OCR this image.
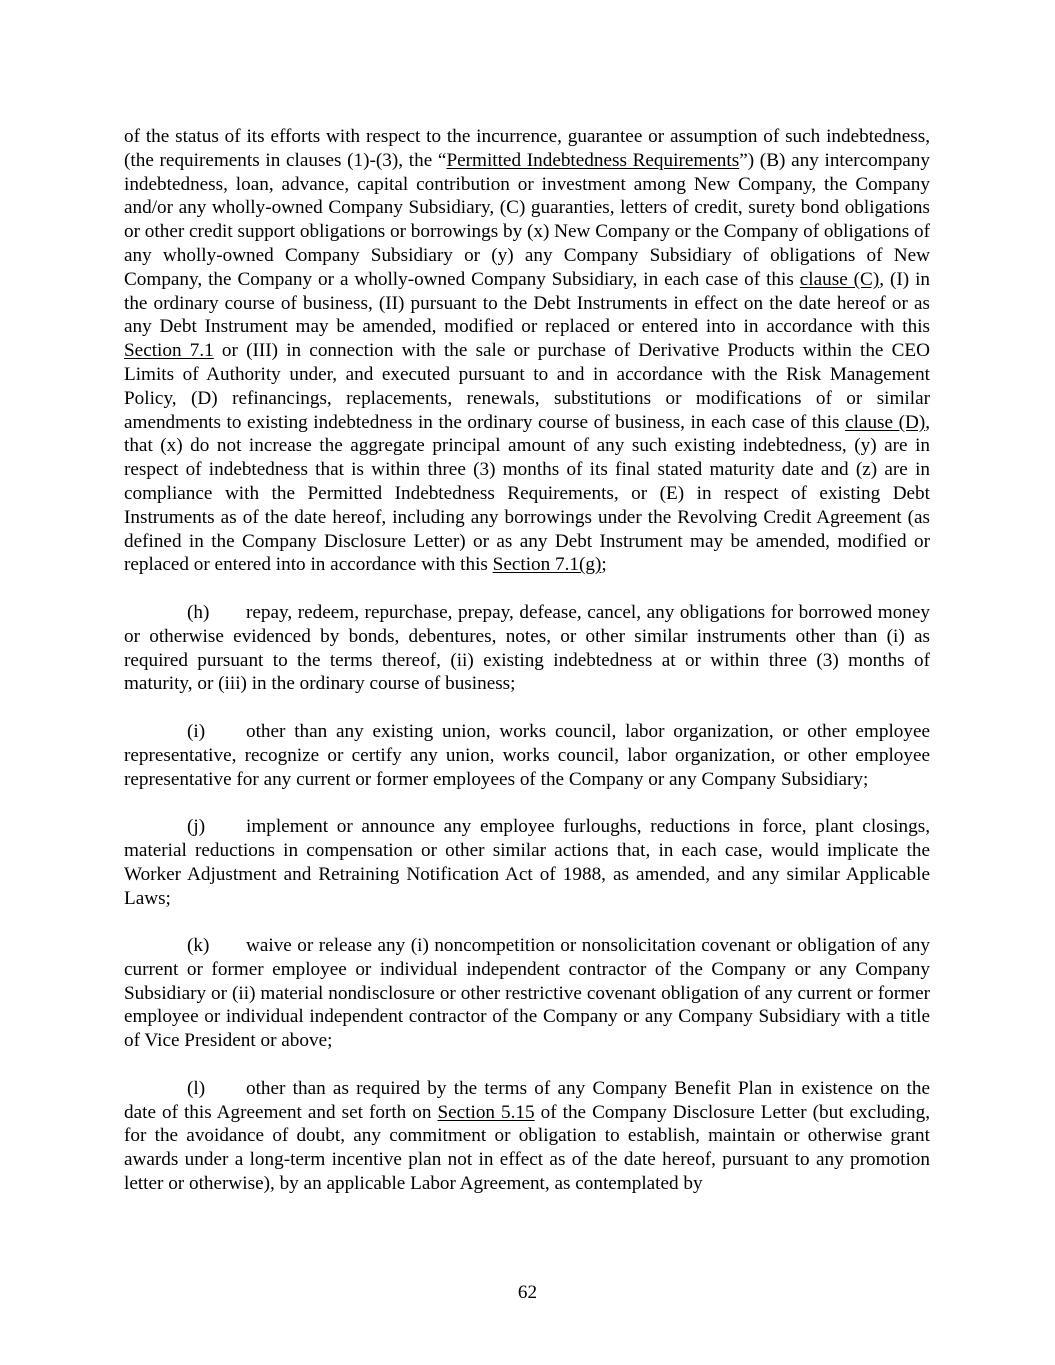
of the status of its efforts with respect to the incurrence, guarantee or assumption of such indebtedness, (the requirements in clauses (1)-(3), the “Permitted Indebtedness Requirements”) (B) any intercompany indebtedness, loan, advance, capital contribution or investment among New Company, the Company and/or any wholly-owned Company Subsidiary, (C) guaranties, letters of credit, surety bond obligations or other credit support obligations or borrowings by (x) New Company or the Company of obligations of any wholly-owned Company Subsidiary or (y) any Company Subsidiary of obligations of New Company, the Company or a wholly-owned Company Subsidiary, in each case of this clause (C), (I) in the ordinary course of business, (II) pursuant to the Debt Instruments in effect on the date hereof or as any Debt Instrument may be amended, modified or replaced or entered into in accordance with this Section 7.1 or (III) in connection with the sale or purchase of Derivative Products within the CEO Limits of Authority under, and executed pursuant to and in accordance with the Risk Management Policy, (D) refinancings, replacements, renewals, substitutions or modifications of or similar amendments to existing indebtedness in the ordinary course of business, in each case of this clause (D), that (x) do not increase the aggregate principal amount of any such existing indebtedness, (y) are in respect of indebtedness that is within three (3) months of its final stated maturity date and (z) are in compliance with the Permitted Indebtedness Requirements, or (E) in respect of existing Debt Instruments as of the date hereof, including any borrowings under the Revolving Credit Agreement (as defined in the Company Disclosure Letter) or as any Debt Instrument may be amended, modified or replaced or entered into in accordance with this Section 7.1(g);

(h) repay, redeem, repurchase, prepay, defease, cancel, any obligations for borrowed money or otherwise evidenced by bonds, debentures, notes, or other similar instruments other than (i) as required pursuant to the terms thereof, (ii) existing indebtedness at or within three (3) months of maturity, or (iii) in the ordinary course of business;

(i) other than any existing union, works council, labor organization, or other employee representative, recognize or certify any union, works council, labor organization, or other employee representative for any current or former employees of the Company or any Company Subsidiary;

(j) implement or announce any employee furloughs, reductions in force, plant closings, material reductions in compensation or other similar actions that, in each case, would implicate the Worker Adjustment and Retraining Notification Act of 1988, as amended, and any similar Applicable Laws;

(k) waive or release any (i) noncompetition or nonsolicitation covenant or obligation of any current or former employee or individual independent contractor of the Company or any Company Subsidiary or (ii) material nondisclosure or other restrictive covenant obligation of any current or former employee or individual independent contractor of the Company or any Company Subsidiary with a title of Vice President or above;

(l) other than as required by the terms of any Company Benefit Plan in existence on the date of this Agreement and set forth on Section 5.15 of the Company Disclosure Letter (but excluding, for the avoidance of doubt, any commitment or obligation to establish, maintain or otherwise grant awards under a long-term incentive plan not in effect as of the date hereof, pursuant to any promotion letter or otherwise), by an applicable Labor Agreement, as contemplated by

62
